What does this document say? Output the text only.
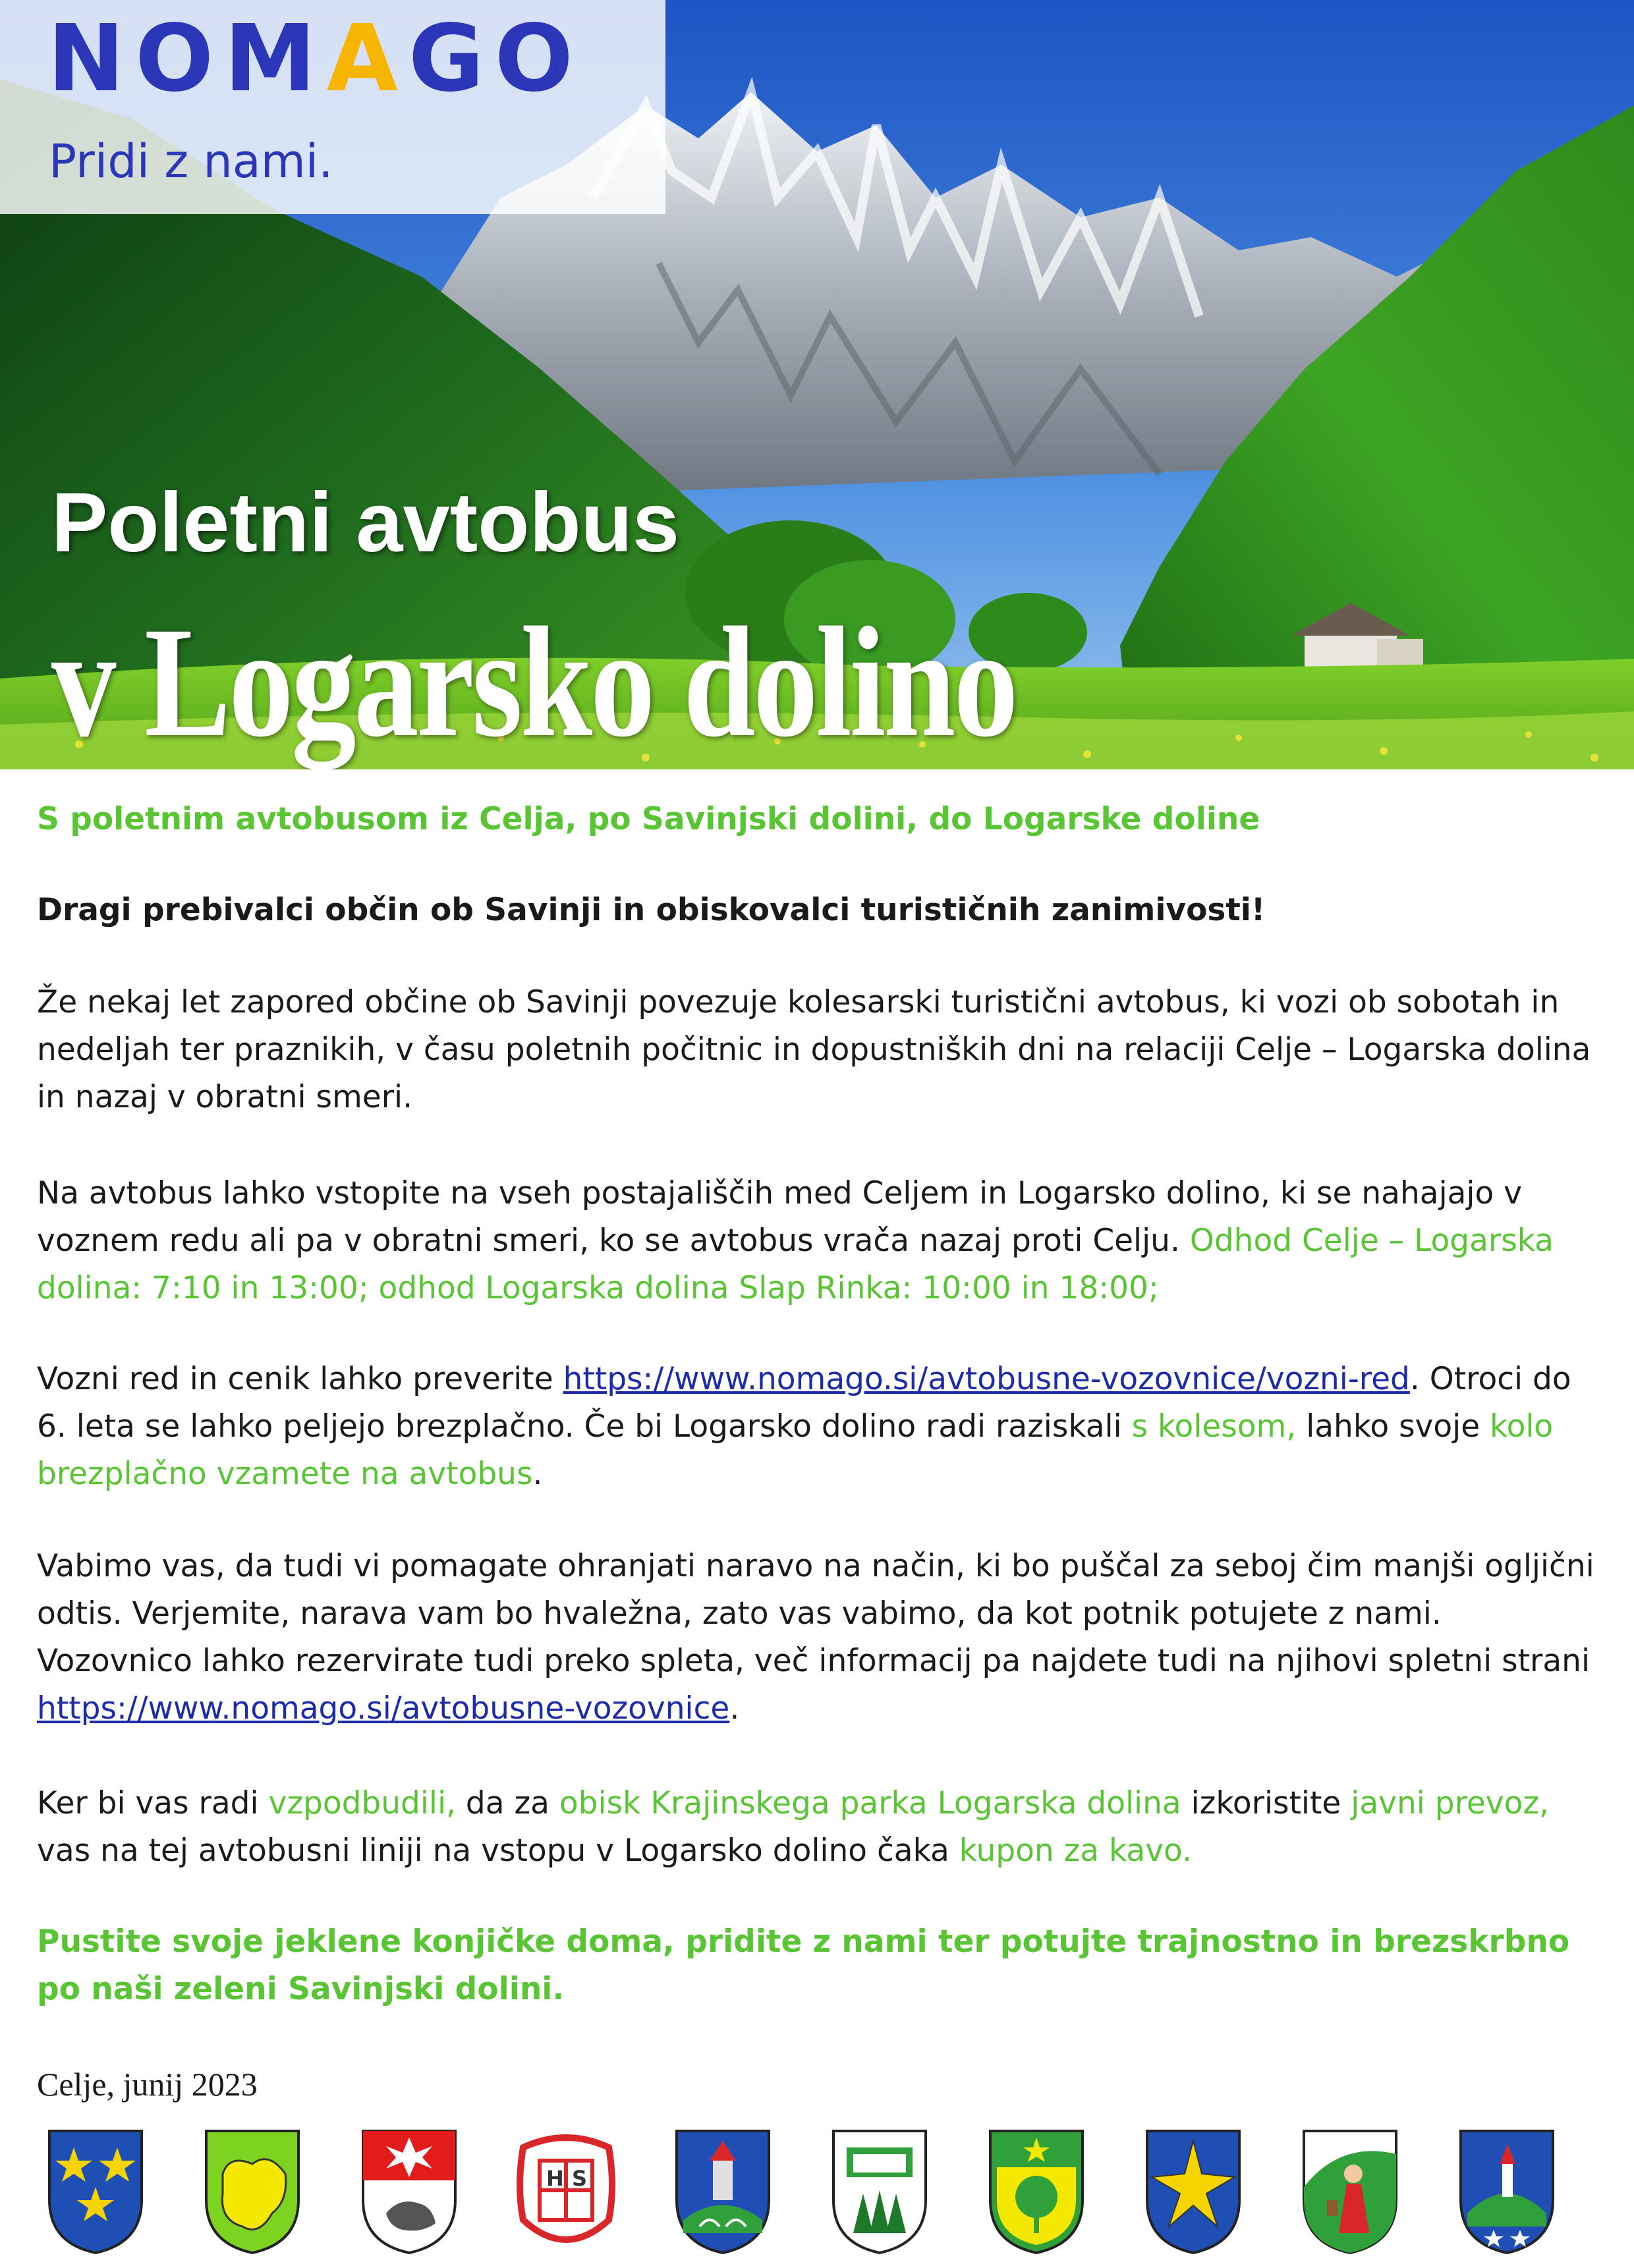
NOMAGO
Pridi z nami.
Poletni avtobus
v Logarsko dolino

S poletnim avtobusom iz Celja, po Savinjski dolini, do Logarske doline

Dragi prebivalci občin ob Savinji in obiskovalci turističnih zanimivosti!

Že nekaj let zapored občine ob Savinji povezuje kolesarski turistični avtobus, ki vozi ob sobotah in nedeljah ter praznikih, v času poletnih počitnic in dopustniških dni na relaciji Celje – Logarska dolina in nazaj v obratni smeri.

Na avtobus lahko vstopite na vseh postajališčih med Celjem in Logarsko dolino, ki se nahajajo v voznem redu ali pa v obratni smeri, ko se avtobus vrača nazaj proti Celju. Odhod Celje – Logarska dolina: 7:10 in 13:00; odhod Logarska dolina Slap Rinka: 10:00 in 18:00;

Vozni red in cenik lahko preverite https://www.nomago.si/avtobusne-vozovnice/vozni-red. Otroci do 6. leta se lahko peljejo brezplačno. Če bi Logarsko dolino radi raziskali s kolesom, lahko svoje kolo brezplačno vzamete na avtobus.

Vabimo vas, da tudi vi pomagate ohranjati naravo na način, ki bo puščal za seboj čim manjši ogljični odtis. Verjemite, narava vam bo hvaležna, zato vas vabimo, da kot potnik potujete z nami. Vozovnico lahko rezervirate tudi preko spleta, več informacij pa najdete tudi na njihovi spletni strani https://www.nomago.si/avtobusne-vozovnice.

Ker bi vas radi vzpodbudili, da za obisk Krajinskega parka Logarska dolina izkoristite javni prevoz, vas na tej avtobusni liniji na vstopu v Logarsko dolino čaka kupon za kavo.

Pustite svoje jeklene konjičke doma, pridite z nami ter potujte trajnostno in brezskrbno po naši zeleni Savinjski dolini.

Celje, junij 2023
H S
